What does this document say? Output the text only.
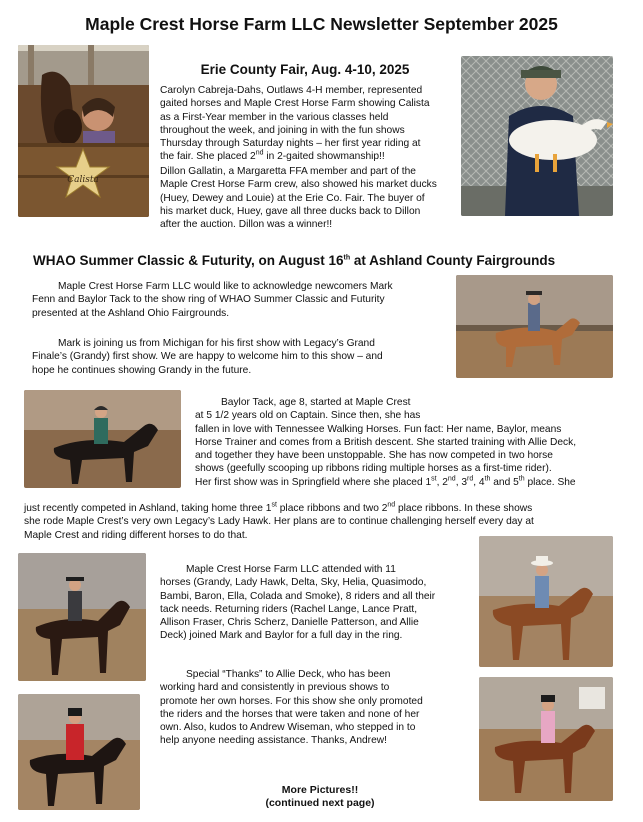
Maple Crest Horse Farm LLC Newsletter September 2025
Calista
Erie County Fair, Aug. 4-10, 2025
Carolyn Cabreja-Dahs, Outlaws 4-H member, represented
gaited horses and Maple Crest Horse Farm showing Calista
as a First-Year member in the various classes held
throughout the week, and joining in with the fun shows
Thursday through Saturday nights – her first year riding at
the fair. She placed 2nd in 2-gaited showmanship!!
Dillon Gallatin, a Margaretta FFA member and part of the
Maple Crest Horse Farm crew, also showed his market ducks
(Huey, Dewey and Louie) at the Erie Co. Fair. The buyer of
his market duck, Huey, gave all three ducks back to Dillon
after the auction. Dillon was a winner!!
WHAO Summer Classic & Futurity, on August 16th at Ashland County Fairgrounds
Maple Crest Horse Farm LLC would like to acknowledge newcomers Mark
Fenn and Baylor Tack to the show ring of WHAO Summer Classic and Futurity
presented at the Ashland Ohio Fairgrounds.
Mark is joining us from Michigan for his first show with Legacy’s Grand
Finale’s (Grandy) first show. We are happy to welcome him to this show – and
hope he continues showing Grandy in the future.
Baylor Tack, age 8, started at Maple Crest
at 5 1/2 years old on Captain. Since then, she has
fallen in love with Tennessee Walking Horses. Fun fact: Her name, Baylor, means
Horse Trainer and comes from a British descent. She started training with Allie Deck,
and together they have been unstoppable. She has now competed in two horse
shows (geefully scooping up ribbons riding multiple horses as a first-time rider).
Her first show was in Springfield where she placed 1st, 2nd, 3rd, 4th and 5th place. She
just recently competed in Ashland, taking home three 1st place ribbons and two 2nd place ribbons. In these shows
she rode Maple Crest’s very own Legacy’s Lady Hawk. Her plans are to continue challenging herself every day at
Maple Crest and riding different horses to do that.
Maple Crest Horse Farm LLC attended with 11
horses (Grandy, Lady Hawk, Delta, Sky, Helia, Quasimodo,
Bambi, Baron, Ella, Colada and Smoke), 8 riders and all their
tack needs. Returning riders (Rachel Lange, Lance Pratt,
Allison Fraser, Chris Scherz, Danielle Patterson, and Allie
Deck) joined Mark and Baylor for a full day in the ring.
Special “Thanks” to Allie Deck, who has been
working hard and consistently in previous shows to
promote her own horses. For this show she only promoted
the riders and the horses that were taken and none of her
own. Also, kudos to Andrew Wiseman, who stepped in to
help anyone needing assistance. Thanks, Andrew!
More Pictures!!
(continued next page)
